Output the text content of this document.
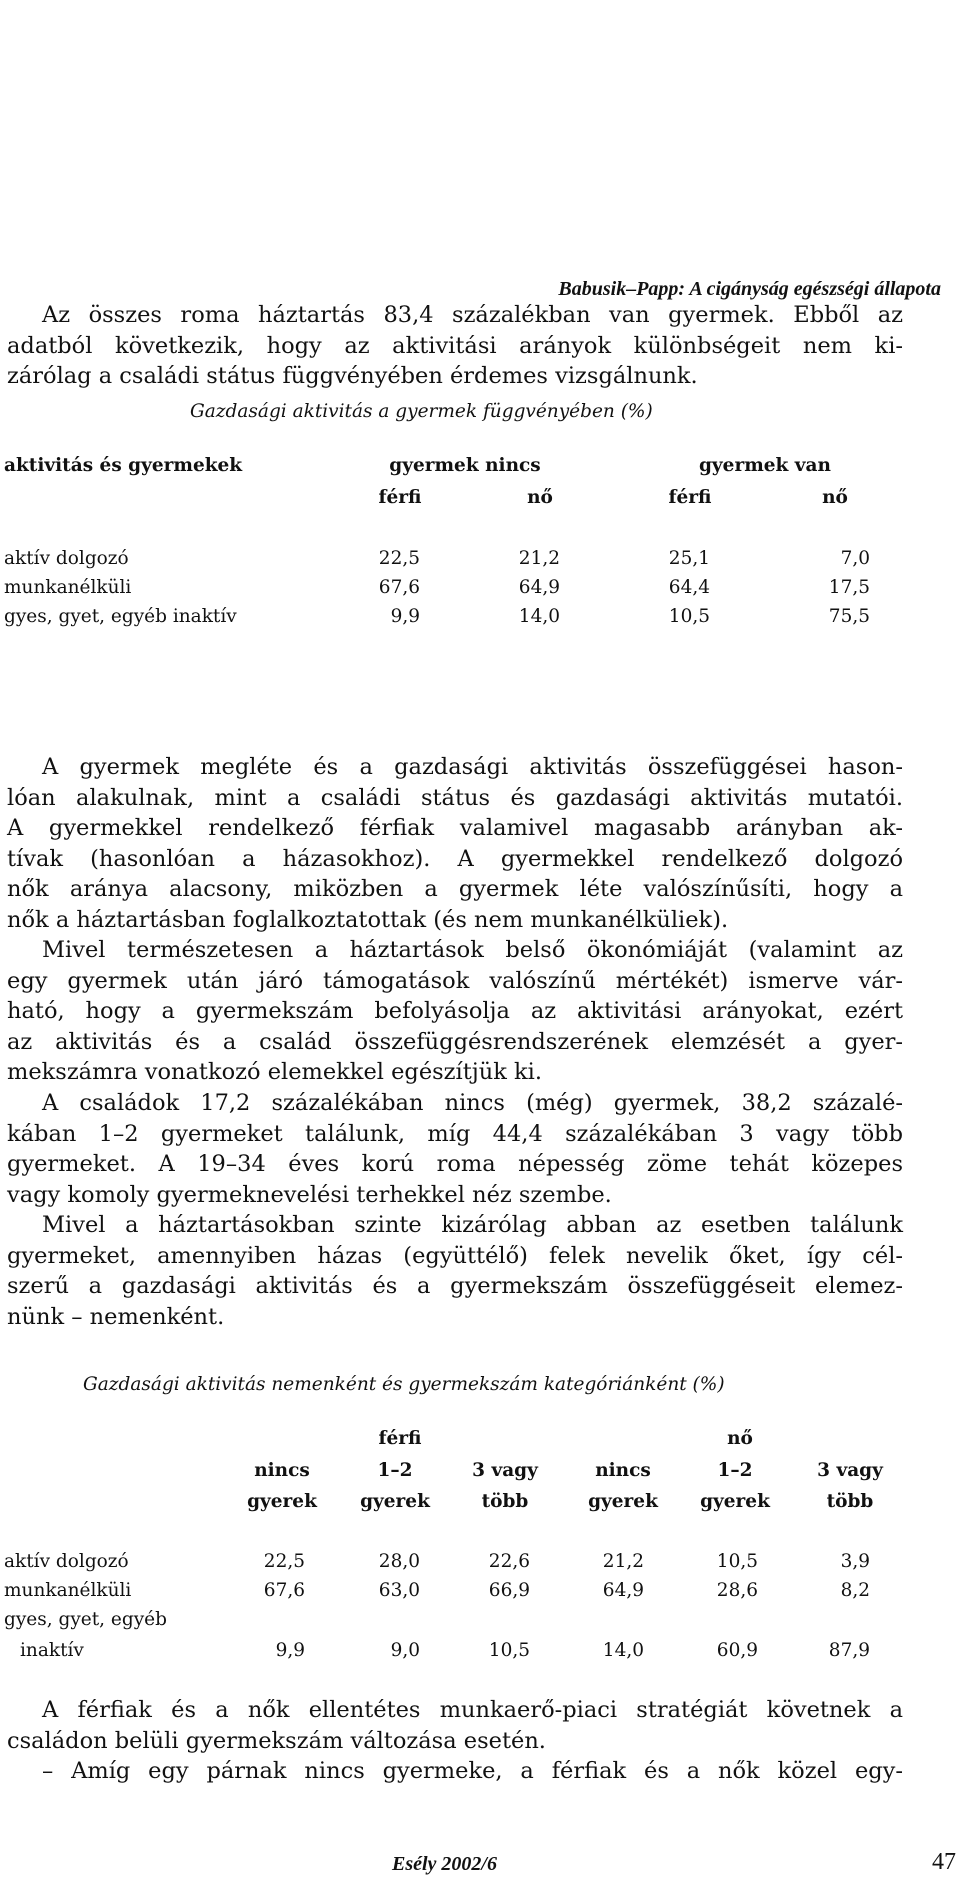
Babusik–Papp: A cigányság egészségi állapota
Az összes roma háztartás 83,4 százalékban van gyermek. Ebből az
adatból következik, hogy az aktivitási arányok különbségeit nem ki-
zárólag a családi státus függvényében érdemes vizsgálnunk.
Gazdasági aktivitás a gyermek függvényében (%)
aktivitás és gyermekek	gyermek nincs	gyermek van
férfi	nő	férfi	nő
aktív dolgozó	22,5	21,2	25,1	7,0
munkanélküli	67,6	64,9	64,4	17,5
gyes, gyet, egyéb inaktív	9,9	14,0	10,5	75,5
A gyermek megléte és a gazdasági aktivitás összefüggései hason-
lóan alakulnak, mint a családi státus és gazdasági aktivitás mutatói.
A gyermekkel rendelkező férfiak valamivel magasabb arányban ak-
tívak (hasonlóan a házasokhoz). A gyermekkel rendelkező dolgozó
nők aránya alacsony, miközben a gyermek léte valószínűsíti, hogy a
nők a háztartásban foglalkoztatottak (és nem munkanélküliek).
Mivel természetesen a háztartások belső ökonómiáját (valamint az
egy gyermek után járó támogatások valószínű mértékét) ismerve vár-
ható, hogy a gyermekszám befolyásolja az aktivitási arányokat, ezért
az aktivitás és a család összefüggésrendszerének elemzését a gyer-
mekszámra vonatkozó elemekkel egészítjük ki.
A családok 17,2 százalékában nincs (még) gyermek, 38,2 százalé-
kában 1–2 gyermeket találunk, míg 44,4 százalékában 3 vagy több
gyermeket. A 19–34 éves korú roma népesség zöme tehát közepes
vagy komoly gyermeknevelési terhekkel néz szembe.
Mivel a háztartásokban szinte kizárólag abban az esetben találunk
gyermeket, amennyiben házas (együttélő) felek nevelik őket, így cél-
szerű a gazdasági aktivitás és a gyermekszám összefüggéseit elemez-
nünk – nemenként.
Gazdasági aktivitás nemenként és gyermekszám kategóriánként (%)
férfi	nő
nincs	1–2	3 vagy	nincs	1–2	3 vagy
gyerek	gyerek	több	gyerek	gyerek	több
aktív dolgozó	22,5	28,0	22,6	21,2	10,5	3,9
munkanélküli	67,6	63,0	66,9	64,9	28,6	8,2
gyes, gyet, egyéb
inaktív	9,9	9,0	10,5	14,0	60,9	87,9
A férfiak és a nők ellentétes munkaerő-piaci stratégiát követnek a
családon belüli gyermekszám változása esetén.
– Amíg egy párnak nincs gyermeke, a férfiak és a nők közel egy-
Esély 2002/6	47
